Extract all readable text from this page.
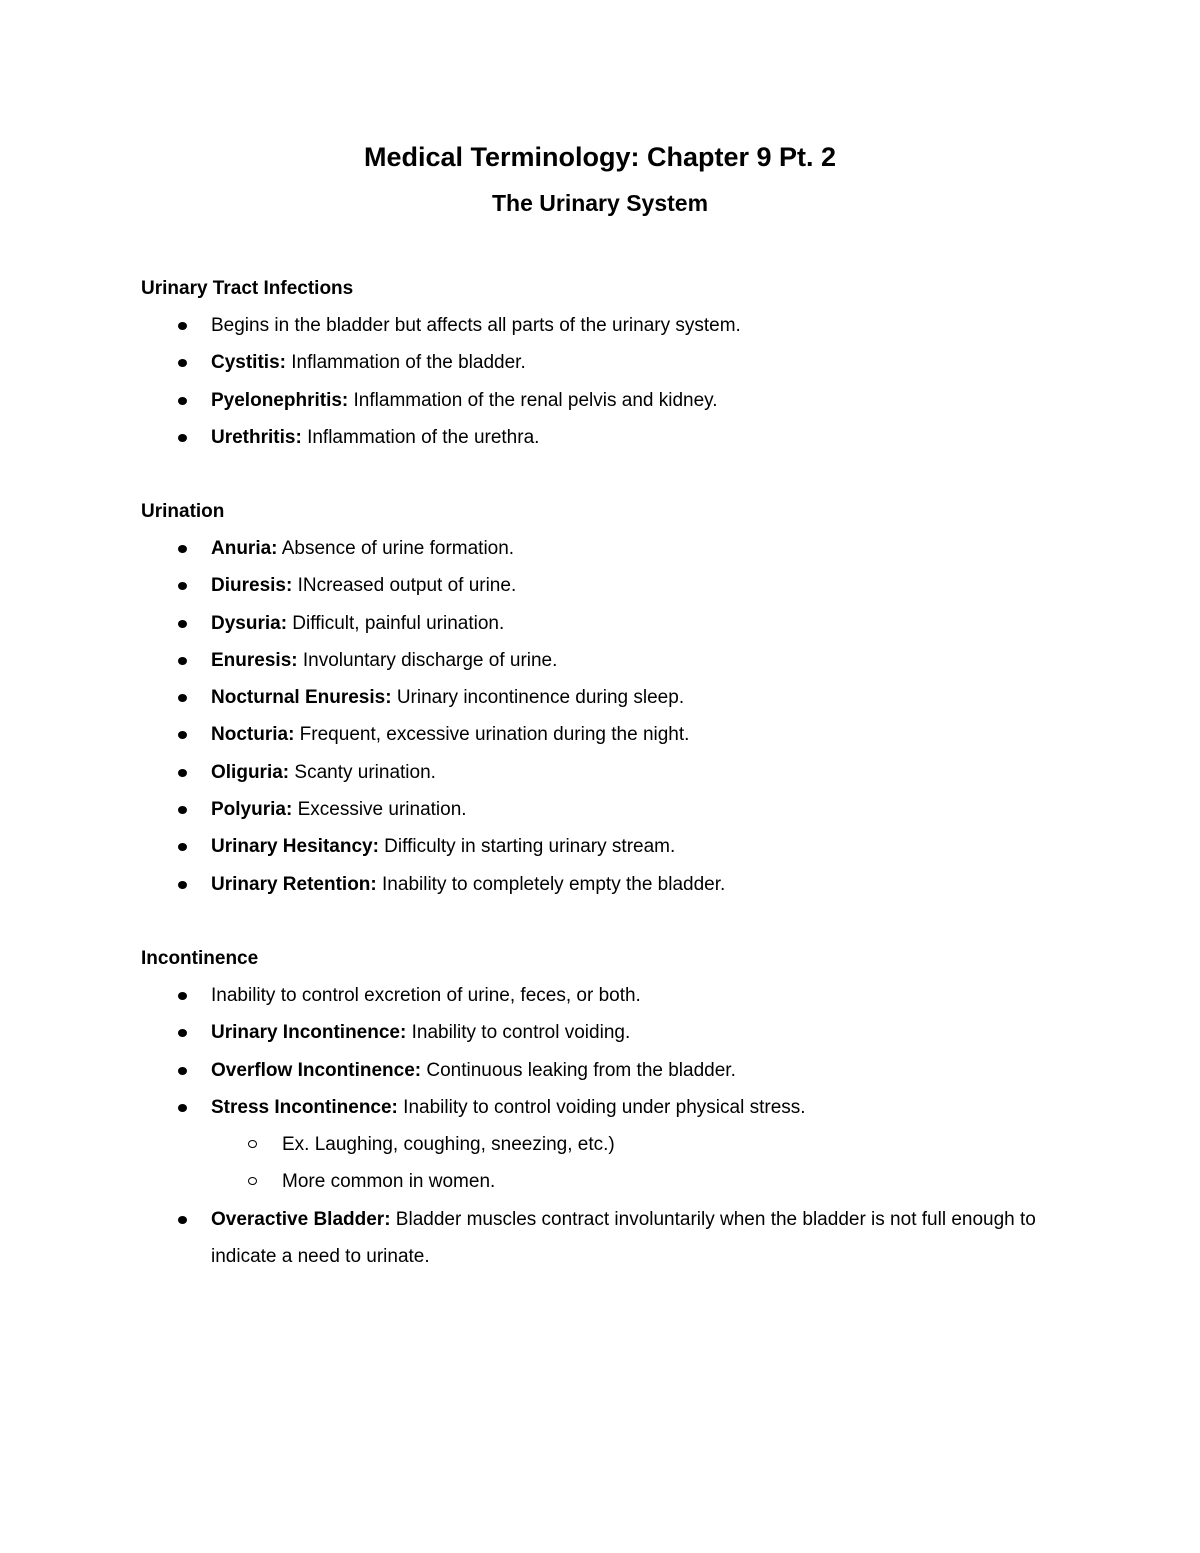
Medical Terminology: Chapter 9 Pt. 2
The Urinary System
Urinary Tract Infections
Begins in the bladder but affects all parts of the urinary system.
Cystitis: Inflammation of the bladder.
Pyelonephritis: Inflammation of the renal pelvis and kidney.
Urethritis: Inflammation of the urethra.
Urination
Anuria: Absence of urine formation.
Diuresis: INcreased output of urine.
Dysuria: Difficult, painful urination.
Enuresis: Involuntary discharge of urine.
Nocturnal Enuresis: Urinary incontinence during sleep.
Nocturia: Frequent, excessive urination during the night.
Oliguria: Scanty urination.
Polyuria: Excessive urination.
Urinary Hesitancy: Difficulty in starting urinary stream.
Urinary Retention: Inability to completely empty the bladder.
Incontinence
Inability to control excretion of urine, feces, or both.
Urinary Incontinence: Inability to control voiding.
Overflow Incontinence: Continuous leaking from the bladder.
Stress Incontinence: Inability to control voiding under physical stress.
Ex. Laughing, coughing, sneezing, etc.)
More common in women.
Overactive Bladder: Bladder muscles contract involuntarily when the bladder is not full enough to indicate a need to urinate.
